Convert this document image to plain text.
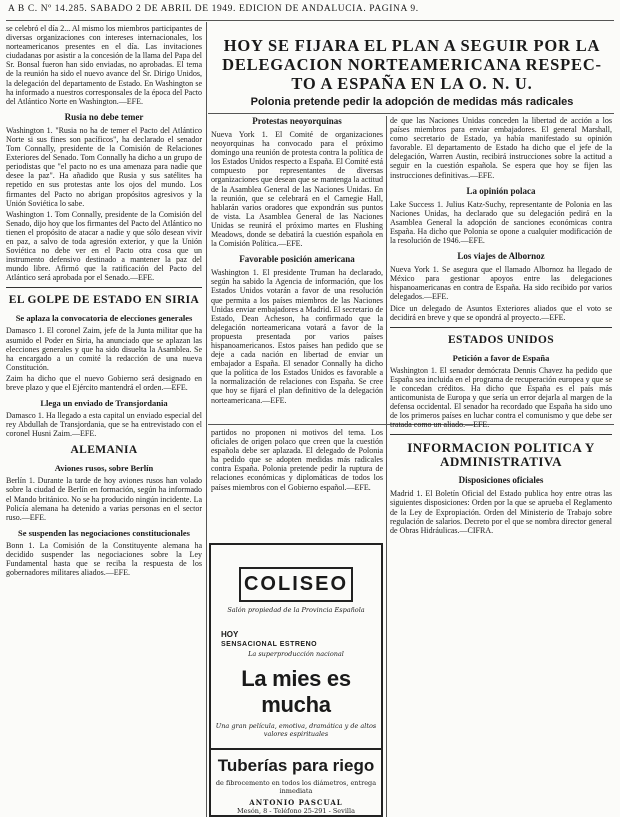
A B C. Nº 14.285. SABADO 2 DE ABRIL DE 1949. EDICION DE ANDALUCIA. PAGINA 9.
HOY SE FIJARA EL PLAN A SEGUIR POR LA
DELEGACION NORTEAMERICANA RESPEC-
TO A ESPAÑA EN LA O. N. U.
Polonia pretende pedir la adopción de medidas más radicales

se celebró el día 2... Al mismo los miembros participantes de diversas organizaciones con intereses internacionales, los norteamericanos presentes en el día. Las invitaciones ciudadanas por asistir a la concesión de la llama del Papa del Sr. Bonsal fueron han sido enviadas, no aprobadas. El tema de la reunión ha sido el nuevo avance del Sr. Dirigo Unidos, la delegación del departamento de Estado. En Washington se ha informado a nuestros corresponsales de la época del Pacto del Atlántico Norte en Washington.—EFE.

Rusia no debe temer

Washington 1. "Rusia no ha de temer el Pacto del Atlántico Norte si sus fines son pacíficos", ha declarado el senador Tom Connally, presidente de la Comisión de Relaciones Exteriores del Senado. Tom Connally ha dicho a un grupo de periodistas que "el pacto no es una amenaza para nadie que desee la paz". Ha añadido que Rusia y sus satélites ha repetido en sus protestas ante los ojos del mundo. Los firmantes del Pacto no abrigan propósitos agresivos y la Unión Soviética lo sabe.

Washington 1. Tom Connally, presidente de la Comisión del Senado, dijo hoy que los firmantes del Pacto del Atlántico no tienen el propósito de atacar a nadie y que sólo desean vivir en paz, a salvo de toda agresión exterior, y que la Unión Soviética no debe ver en el Pacto otra cosa que un instrumento defensivo destinado a mantener la paz del mundo libre. Afirmó que la ratificación del Pacto del Atlántico será aprobada por el Senado.—EFE.

EL GOLPE DE ESTADO EN SIRIA
Se aplaza la convocatoria de elecciones generales

Damasco 1. El coronel Zaim, jefe de la Junta militar que ha asumido el Poder en Siria, ha anunciado que se aplazan las elecciones generales y que ha sido disuelta la Asamblea. Se ha encargado a un comité la redacción de una nueva Constitución.

Zaim ha dicho que el nuevo Gobierno será designado en breve plazo y que el Ejército mantendrá el orden.—EFE.

Llega un enviado de Transjordania

Damasco 1. Ha llegado a esta capital un enviado especial del rey Abdullah de Transjordania, que se ha entrevistado con el coronel Husni Zaim.—EFE.

ALEMANIA
Aviones rusos, sobre Berlín

Berlín 1. Durante la tarde de hoy aviones rusos han volado sobre la ciudad de Berlín en formación, según ha informado el Mando británico. No se ha producido ningún incidente. La Policía alemana ha detenido a varias personas en el sector ruso.—EFE.

Se suspenden las negociaciones constitucionales

Bonn 1. La Comisión de la Constituyente alemana ha decidido suspender las negociaciones sobre la Ley Fundamental hasta que se reciba la respuesta de los gobernadores militares aliados.—EFE.

Protestas neoyorquinas

Nueva York 1. El Comité de organizaciones neoyorquinas ha convocado para el próximo domingo una reunión de protesta contra la política de los Estados Unidos respecto a España. El Comité está compuesto por representantes de diversas organizaciones que desean que se mantenga la actitud de la Asamblea General de las Naciones Unidas. En la reunión, que se celebrará en el Carnegie Hall, hablarán varios oradores que expondrán sus puntos de vista. La Asamblea General de las Naciones Unidas se reunirá el próximo martes en Flushing Meadows, donde se debatirá la cuestión española en la Comisión Política.—EFE.

Favorable posición americana

Washington 1. El presidente Truman ha declarado, según ha sabido la Agencia de información, que los Estados Unidos votarán a favor de una resolución que permita a los países miembros de las Naciones Unidas enviar embajadores a Madrid. El secretario de Estado, Dean Acheson, ha confirmado que la delegación norteamericana votará a favor de la propuesta presentada por varios países hispanoamericanos. Estos países han pedido que se deje a cada nación en libertad de enviar un embajador a España. El senador Connally ha dicho que la política de los Estados Unidos es favorable a la normalización de relaciones con España. Se cree que hoy se fijará el plan definitivo de la delegación norteamericana.—EFE.

partidos no proponen ni motivos del tema. Los oficiales de origen polaco que creen que la cuestión española debe ser aplazada. El delegado de Polonia ha pedido que se adopten medidas más radicales contra España. Polonia pretende pedir la ruptura de relaciones económicas y diplomáticas de todos los países miembros con el Gobierno español.—EFE.

COLISEO
Salón propiedad de la Provincia Española
HOY
SENSACIONAL ESTRENO
La superproducción nacional
La mies es mucha
Una gran película, emotiva, dramática y de altos valores espirituales
Tuberías para riego
de fibrocemento en todos los diámetros, entrega inmediata
ANTONIO PASCUAL
Mesón, 8 - Teléfono 25-291 - Sevilla

de que las Naciones Unidas conceden la libertad de acción a los países miembros para enviar embajadores. El general Marshall, como secretario de Estado, ya había manifestado su opinión favorable. El departamento de Estado ha dicho que el jefe de la delegación, Warren Austin, recibirá instrucciones sobre la actitud a seguir en la cuestión española. Se espera que hoy se fijen las instrucciones definitivas.—EFE.

La opinión polaca

Lake Success 1. Julius Katz-Suchy, representante de Polonia en las Naciones Unidas, ha declarado que su delegación pedirá en la Asamblea General la adopción de sanciones económicas contra España. Ha dicho que Polonia se opone a cualquier modificación de la resolución de 1946.—EFE.

Los viajes de Albornoz

Nueva York 1. Se asegura que el llamado Albornoz ha llegado de México para gestionar apoyos entre las delegaciones hispanoamericanas en contra de España. Ha sido recibido por varios delegados.—EFE.

Dice un delegado de Asuntos Exteriores aliados que el voto se decidirá en breve y que se opondrá al proyecto.—EFE.

ESTADOS UNIDOS
Petición a favor de España

Washington 1. El senador demócrata Dennis Chavez ha pedido que España sea incluida en el programa de recuperación europea y que se le concedan créditos. Ha dicho que España es el país más anticomunista de Europa y que sería un error dejarla al margen de la defensa occidental. El senador ha recordado que España ha sido uno de los primeros países en luchar contra el comunismo y que debe ser tratada como un aliado.—EFE.

INFORMACION POLITICA Y ADMINISTRATIVA
Disposiciones oficiales

Madrid 1. El Boletín Oficial del Estado publica hoy entre otras las siguientes disposiciones: Orden por la que se aprueba el Reglamento de la Ley de Expropiación. Orden del Ministerio de Trabajo sobre regulación de salarios. Decreto por el que se nombra director general de Obras Hidráulicas.—CIFRA.
